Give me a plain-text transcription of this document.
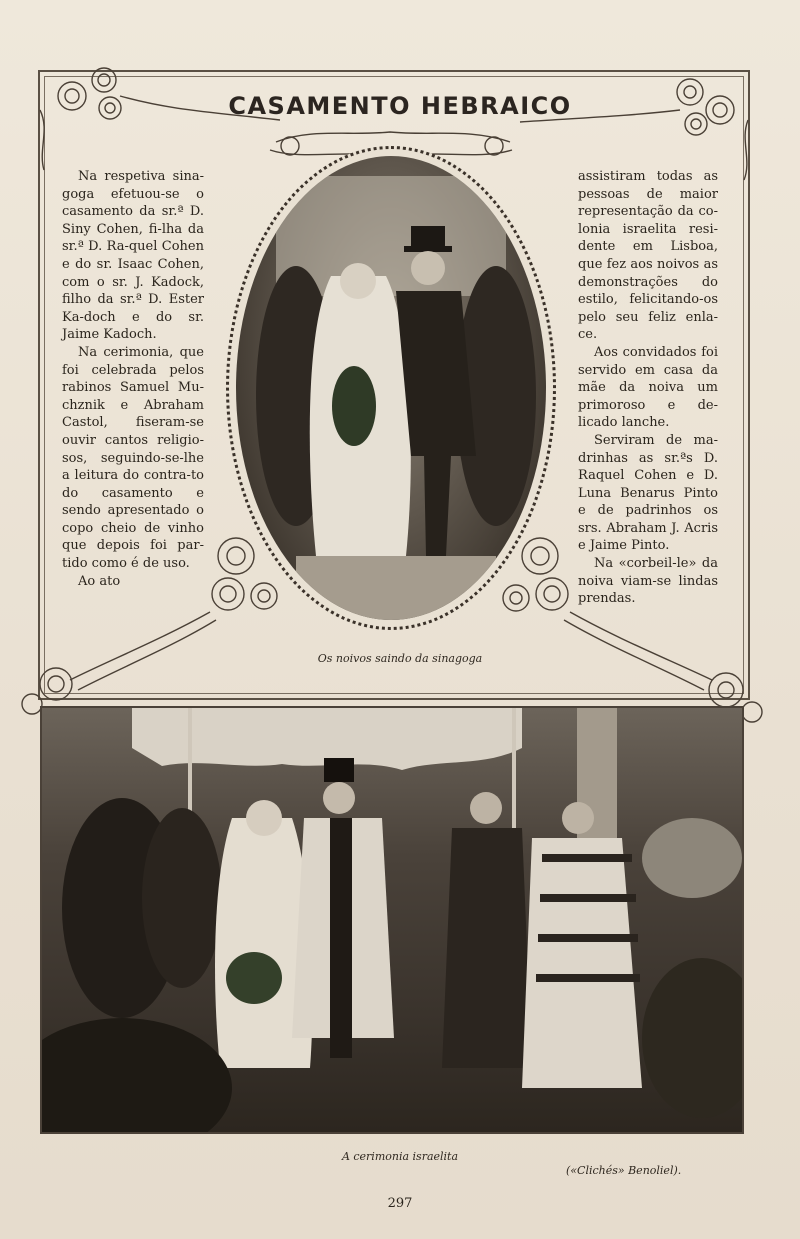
CASAMENTO HEBRAICO

Na respetiva sina-goga efetuou-se o casamento da sr.ª D. Siny Cohen, fi-lha da sr.ª D. Ra-quel Cohen e do sr. Isaac Cohen, com o sr. J. Kadock, filho da sr.ª D. Ester Ka-doch e do sr. Jaime Kadoch.

Na cerimonia, que foi celebrada pelos rabinos Samuel Mu-chznik e Abraham Castol, fiseram-se ouvir cantos religio-sos, seguindo-se-lhe a leitura do contra-to do casamento e sendo apresentado o copo cheio de vinho que depois foi par-tido como é de uso.

Ao ato

assistiram todas as pessoas de maior representação da co-lonia israelita resi-dente em Lisboa, que fez aos noivos as demonstrações do estilo, felicitando-os pelo seu feliz enla-ce.

Aos convidados foi servido em casa da mãe da noiva um primoroso e de-licado lanche.

Serviram de ma-drinhas as sr.ªs D. Raquel Cohen e D. Luna Benarus Pinto e de padrinhos os srs. Abraham J. Acris e Jaime Pinto.

Na «corbeil-le» da noiva viam-se lindas prendas.

Os noivos saindo da sinagoga
A cerimonia israelita
(«Clichés» Benoliel).
297
